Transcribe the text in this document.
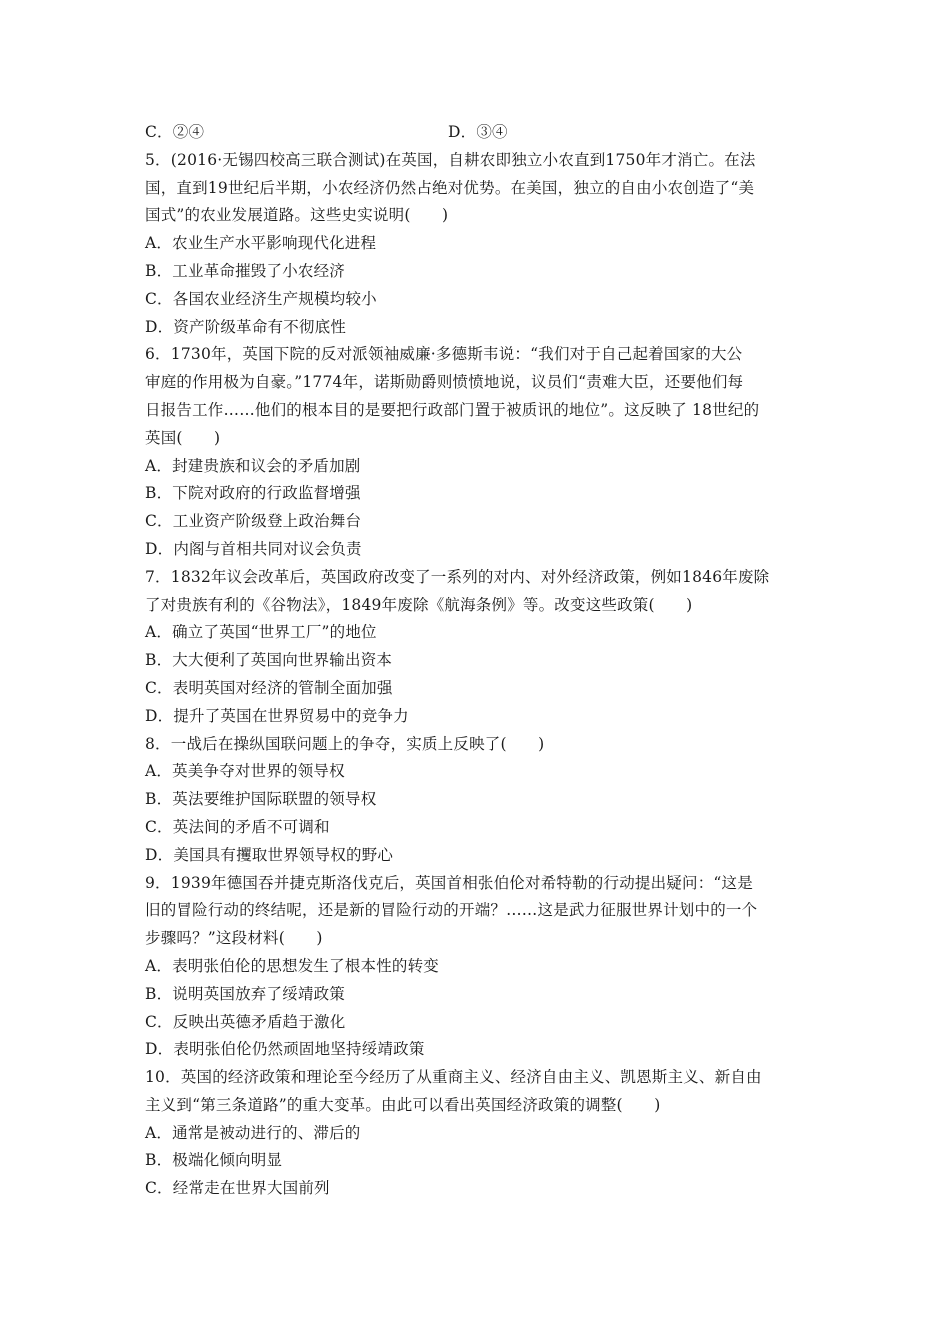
C．②④	D．③④
5．(2016·无锡四校高三联合测试)在英国，自耕农即独立小农直到1750年才消亡。在法
国，直到19世纪后半期，小农经济仍然占绝对优势。在美国，独立的自由小农创造了“美
国式”的农业发展道路。这些史实说明(　　)
A．农业生产水平影响现代化进程
B．工业革命摧毁了小农经济
C．各国农业经济生产规模均较小
D．资产阶级革命有不彻底性
6．1730年，英国下院的反对派领袖威廉·多德斯韦说：“我们对于自己起着国家的大公
审庭的作用极为自豪。”1774年，诺斯勋爵则愤愤地说，议员们“责难大臣，还要他们每
日报告工作……他们的根本目的是要把行政部门置于被质讯的地位”。这反映了 18世纪的
英国(　　)
A．封建贵族和议会的矛盾加剧
B．下院对政府的行政监督增强
C．工业资产阶级登上政治舞台
D．内阁与首相共同对议会负责
7．1832年议会改革后，英国政府改变了一系列的对内、对外经济政策，例如1846年废除
了对贵族有利的《谷物法》，1849年废除《航海条例》等。改变这些政策(　　)
A．确立了英国“世界工厂”的地位
B．大大便利了英国向世界输出资本
C．表明英国对经济的管制全面加强
D．提升了英国在世界贸易中的竞争力
8．一战后在操纵国联问题上的争夺，实质上反映了(　　)
A．英美争夺对世界的领导权
B．英法要维护国际联盟的领导权
C．英法间的矛盾不可调和
D．美国具有攫取世界领导权的野心
9．1939年德国吞并捷克斯洛伐克后，英国首相张伯伦对希特勒的行动提出疑问：“这是
旧的冒险行动的终结呢，还是新的冒险行动的开端？……这是武力征服世界计划中的一个
步骤吗？”这段材料(　　)
A．表明张伯伦的思想发生了根本性的转变
B．说明英国放弃了绥靖政策
C．反映出英德矛盾趋于激化
D．表明张伯伦仍然顽固地坚持绥靖政策
10．英国的经济政策和理论至今经历了从重商主义、经济自由主义、凯恩斯主义、新自由
主义到“第三条道路”的重大变革。由此可以看出英国经济政策的调整(　　)
A．通常是被动进行的、滞后的
B．极端化倾向明显
C．经常走在世界大国前列
